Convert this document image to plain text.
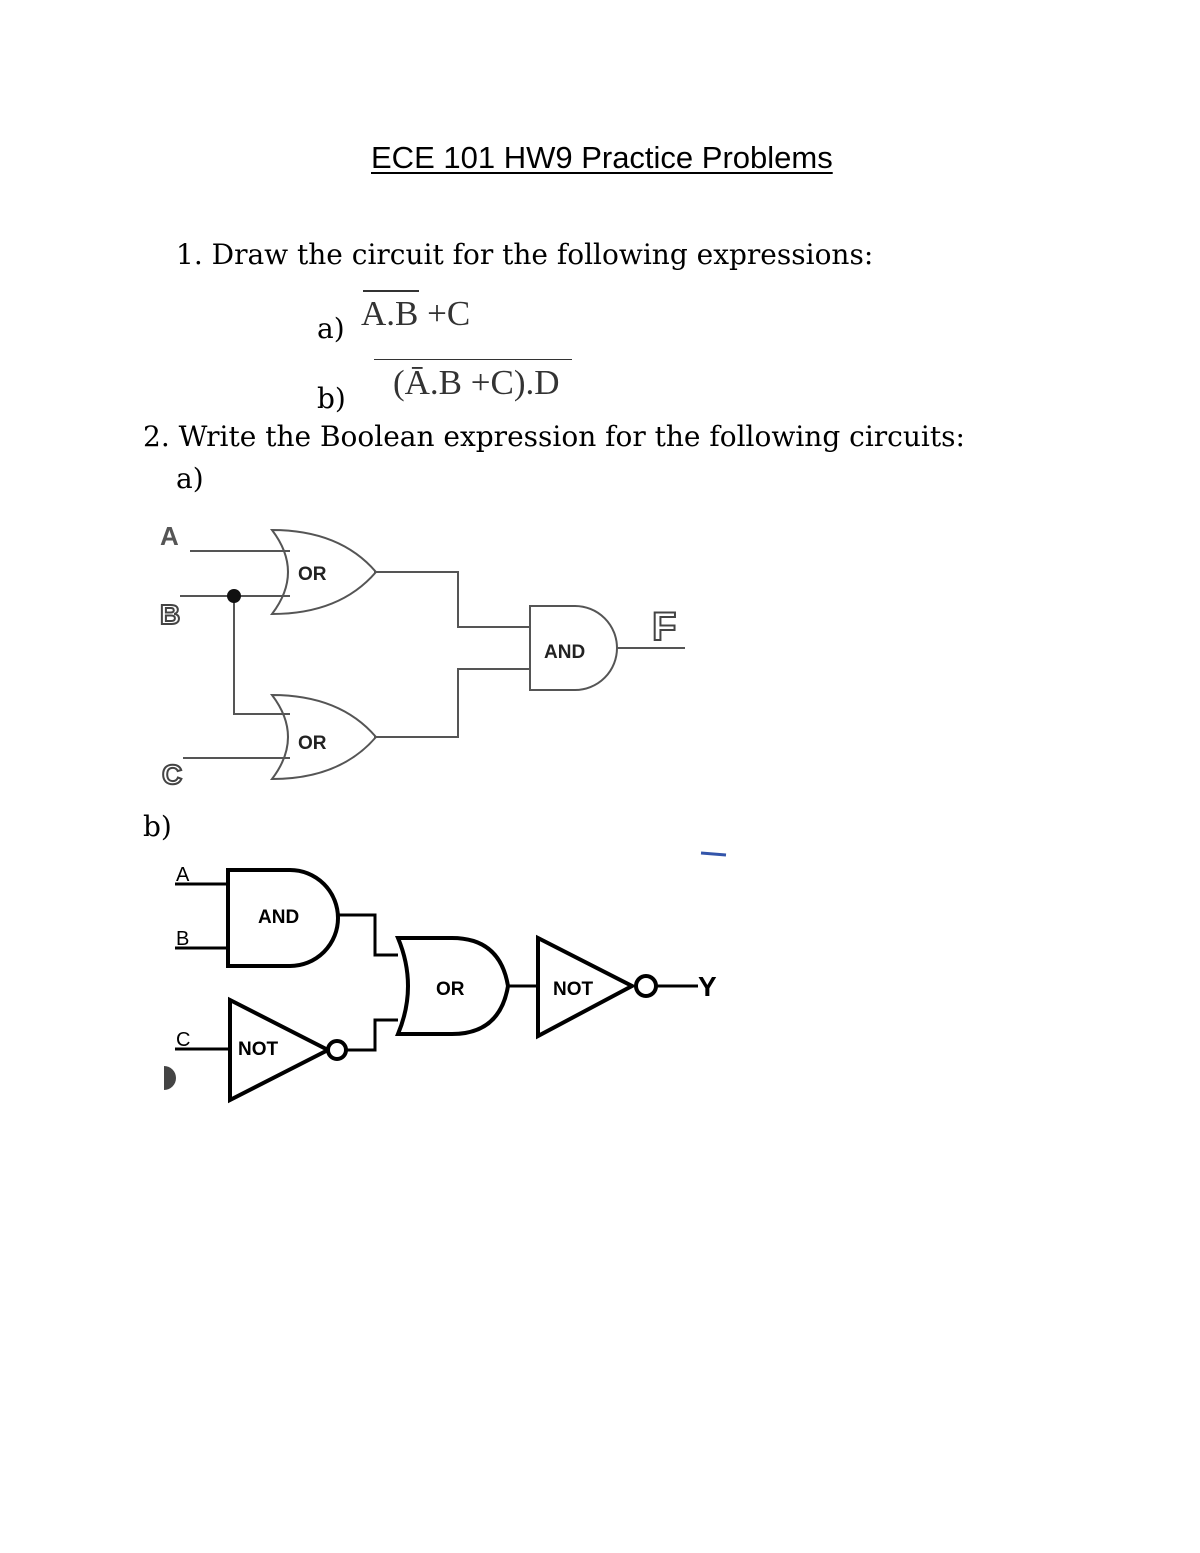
ECE 101 HW9 Practice Problems
1. Draw the circuit for the following expressions:
a) A.B +C
b) (Ā.B +C).D
2. Write the Boolean expression for the following circuits:
a)
b)
A
B
C
OR
OR
AND
F
A
B
C
AND
NOT
OR	NOT	Y
